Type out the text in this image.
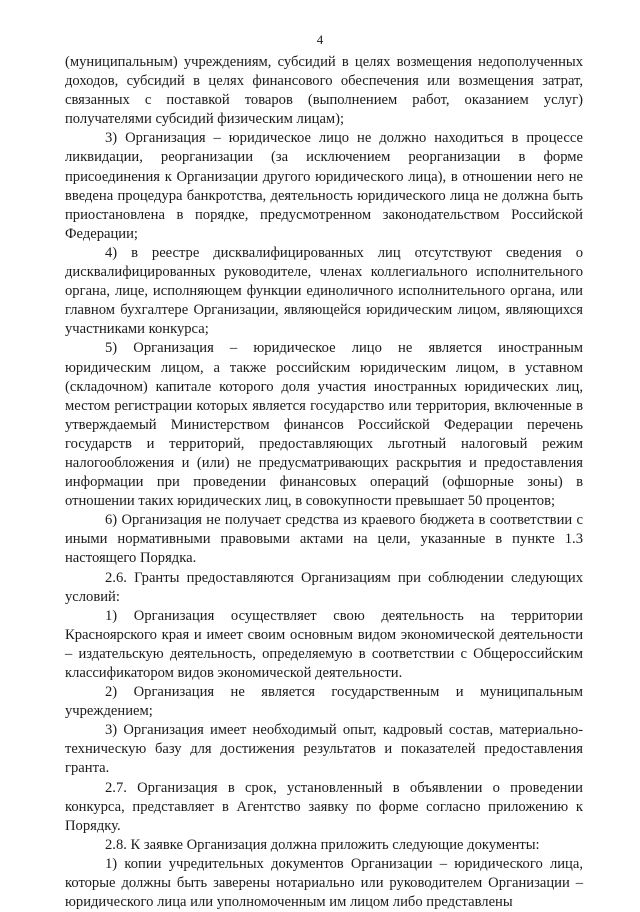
4

(муниципальным) учреждениям, субсидий в целях возмещения недополученных доходов, субсидий в целях финансового обеспечения или возмещения затрат, связанных с поставкой товаров (выполнением работ, оказанием услуг) получателями субсидий физическим лицам);

3) Организация – юридическое лицо не должно находиться в процессе ликвидации, реорганизации (за исключением реорганизации в форме присоединения к Организации другого юридического лица), в отношении него не введена процедура банкротства, деятельность юридического лица не должна быть приостановлена в порядке, предусмотренном законодательством Российской Федерации;

4) в реестре дисквалифицированных лиц отсутствуют сведения о дисквалифицированных руководителе, членах коллегиального исполнительного органа, лице, исполняющем функции единоличного исполнительного органа, или главном бухгалтере Организации, являющейся юридическим лицом, являющихся участниками конкурса;

5) Организация – юридическое лицо не является иностранным юридическим лицом, а также российским юридическим лицом, в уставном (складочном) капитале которого доля участия иностранных юридических лиц, местом регистрации которых является государство или территория, включенные в утверждаемый Министерством финансов Российской Федерации перечень государств и территорий, предоставляющих льготный налоговый режим налогообложения и (или) не предусматривающих раскрытия и предоставления информации при проведении финансовых операций (офшорные зоны) в отношении таких юридических лиц, в совокупности превышает 50 процентов;

6) Организация не получает средства из краевого бюджета в соответствии с иными нормативными правовыми актами на цели, указанные в пункте 1.3 настоящего Порядка.

2.6. Гранты предоставляются Организациям при соблюдении следующих условий:

1) Организация осуществляет свою деятельность на территории Красноярского края и имеет своим основным видом экономической деятельности – издательскую деятельность, определяемую в соответствии с Общероссийским классификатором видов экономической деятельности.

2) Организация не является государственным и муниципальным учреждением;

3) Организация имеет необходимый опыт, кадровый состав, материально-техническую базу для достижения результатов и показателей предоставления гранта.

2.7. Организация в срок, установленный в объявлении о проведении конкурса, представляет в Агентство заявку по форме согласно приложению к Порядку.

2.8. К заявке Организация должна приложить следующие документы:

1) копии учредительных документов Организации – юридического лица, которые должны быть заверены нотариально или руководителем Организации – юридического лица или уполномоченным им лицом либо представлены
